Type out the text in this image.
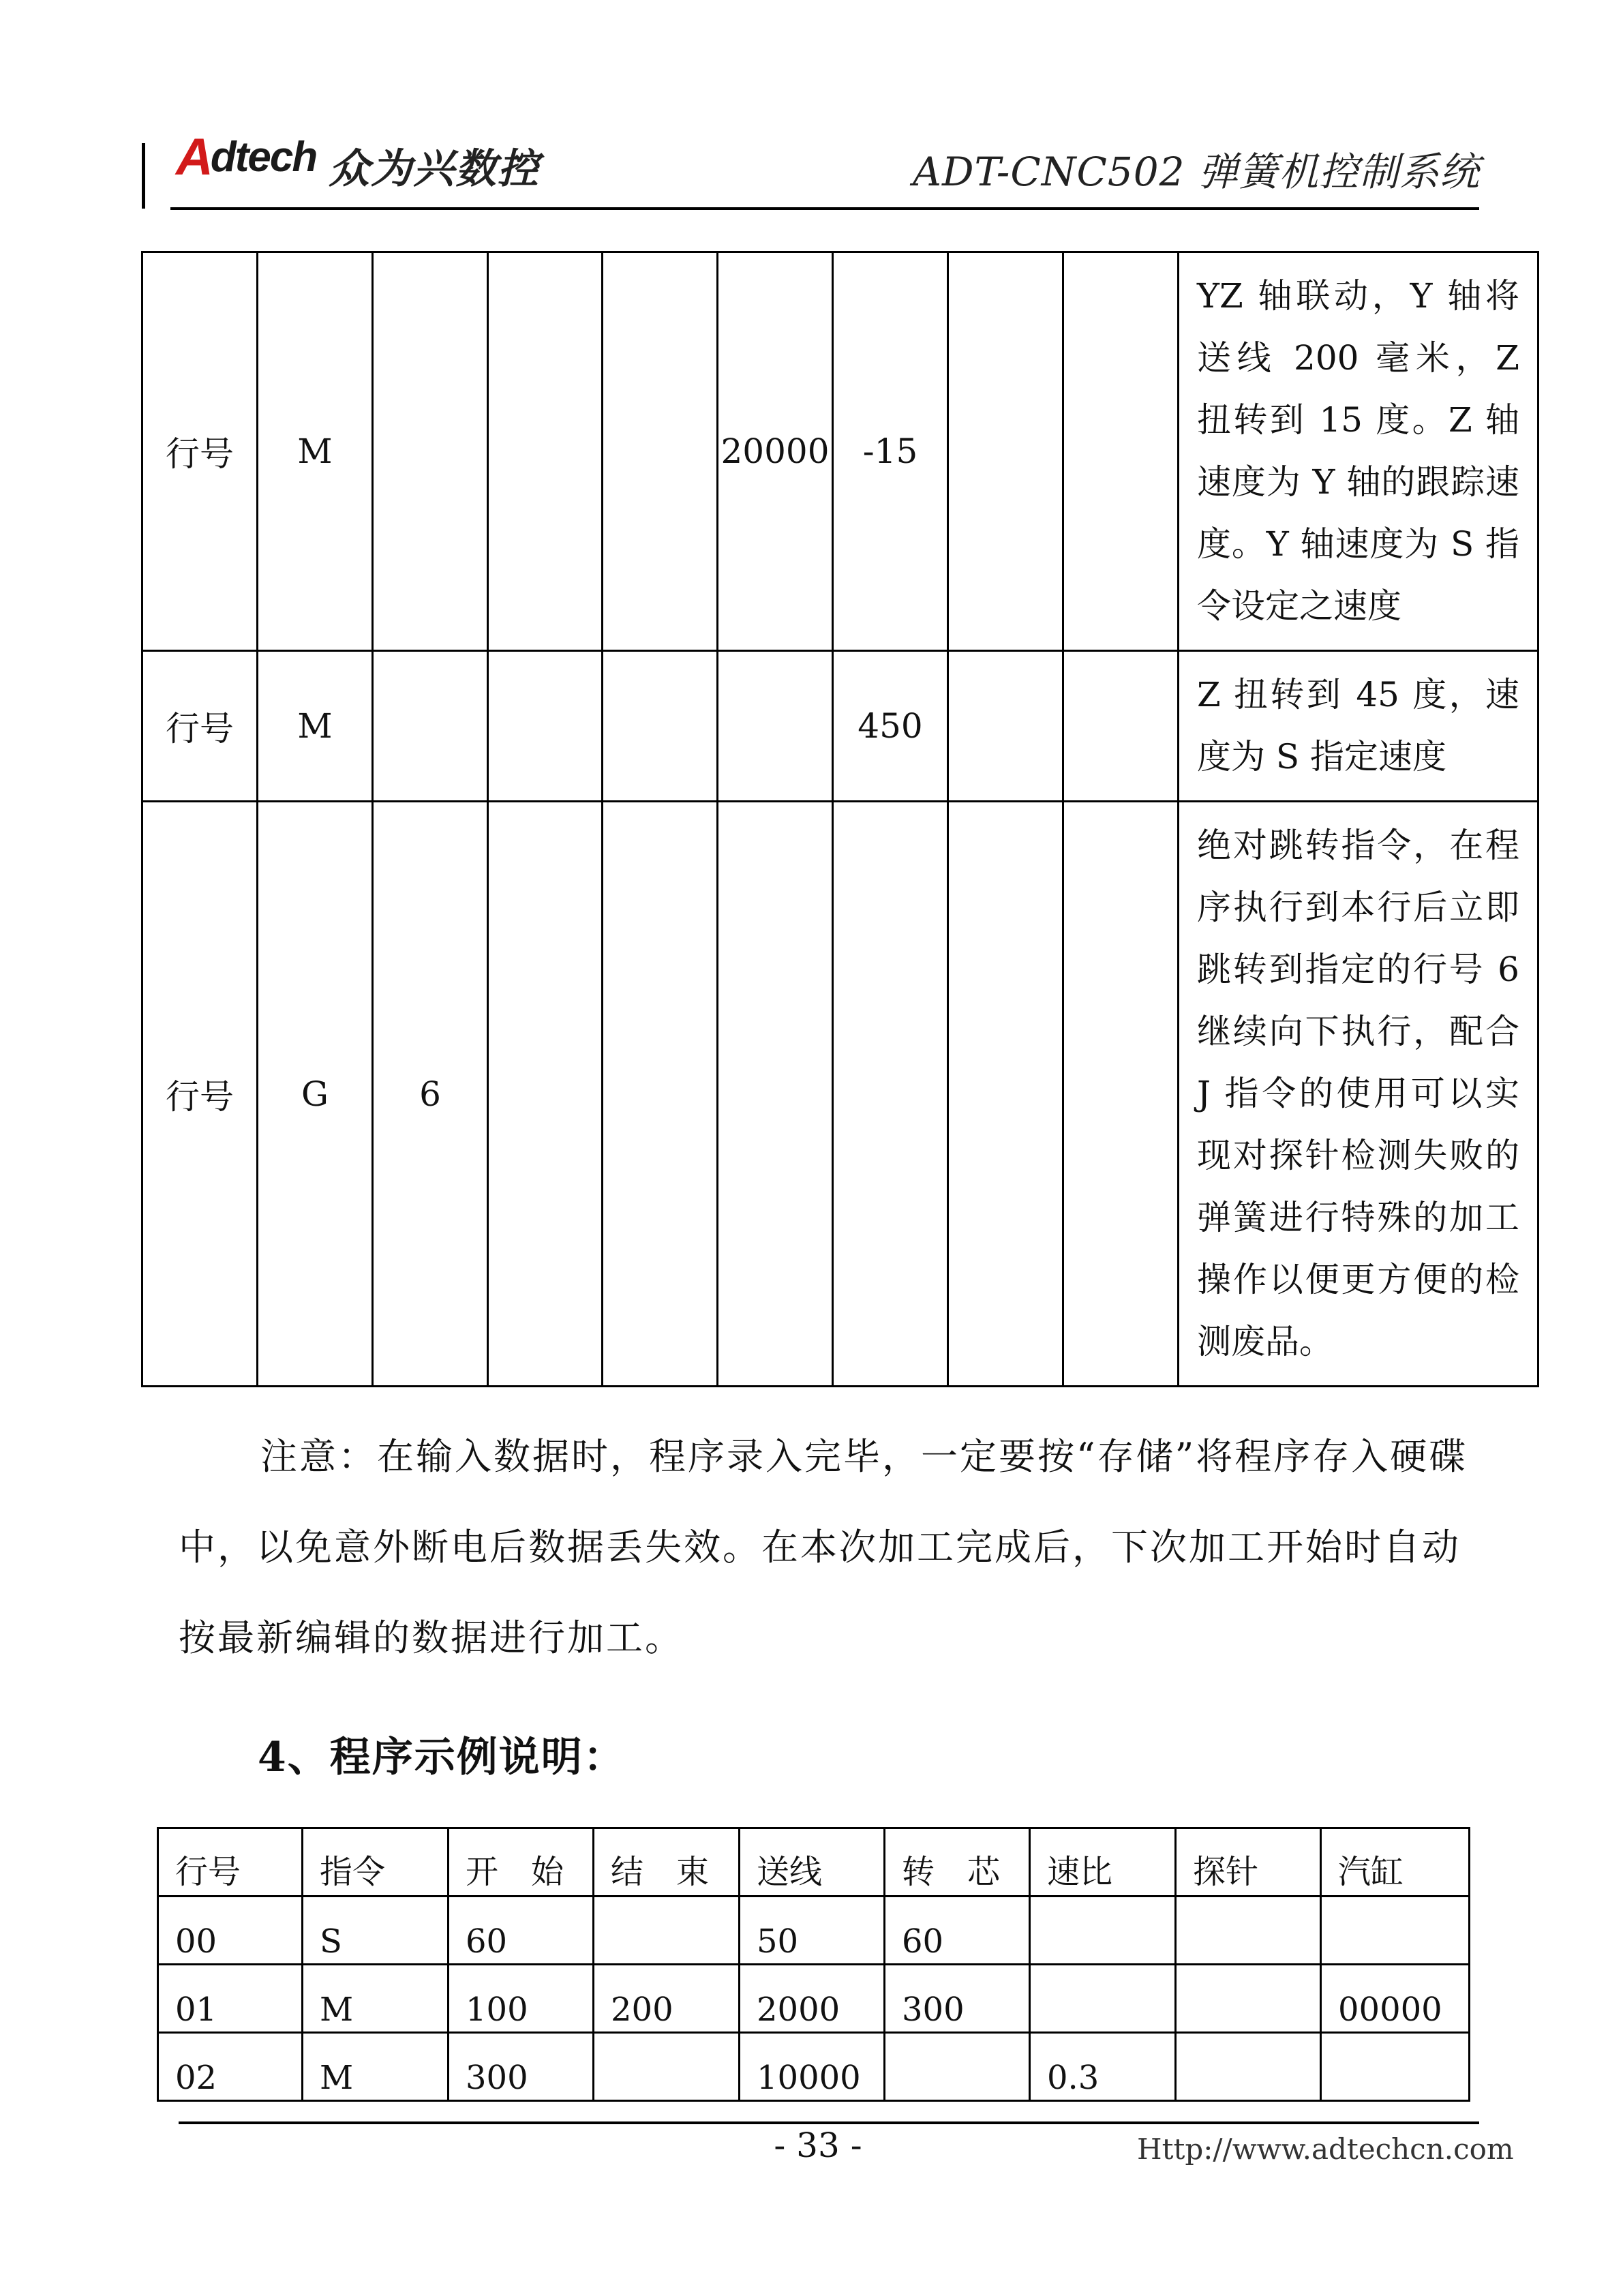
A dtech 众为兴数控	ADT-CNC502 弹簧机控制系统
行号	M				20000	-15			YZ 轴联动，Y 轴将送线 200 毫米，Z 扭转到 15 度。Z 轴速度为 Y 轴的跟踪速度。Y 轴速度为 S 指令设定之速度
行号	M					450			Z 扭转到 45 度，速度为 S 指定速度
行号	G	6							绝对跳转指令，在程序执行到本行后立即跳转到指定的行号 6 继续向下执行，配合 J 指令的使用可以实现对探针检测失败的弹簧进行特殊的加工操作以便更方便的检测废品。
注意：在输入数据时，程序录入完毕，一定要按“存储”将程序存入硬碟中，以免意外断电后数据丢失效。在本次加工完成后，下次加工开始时自动按最新编辑的数据进行加工。
4、程序示例说明：
行号	指令	开　始	结　束	送线	转　芯	速比	探针	汽缸
00	S	60		50	60			
01	M	100	200	2000	300			00000
02	M	300		10000		0.3		
- 33 -	Http://www.adtechcn.com
